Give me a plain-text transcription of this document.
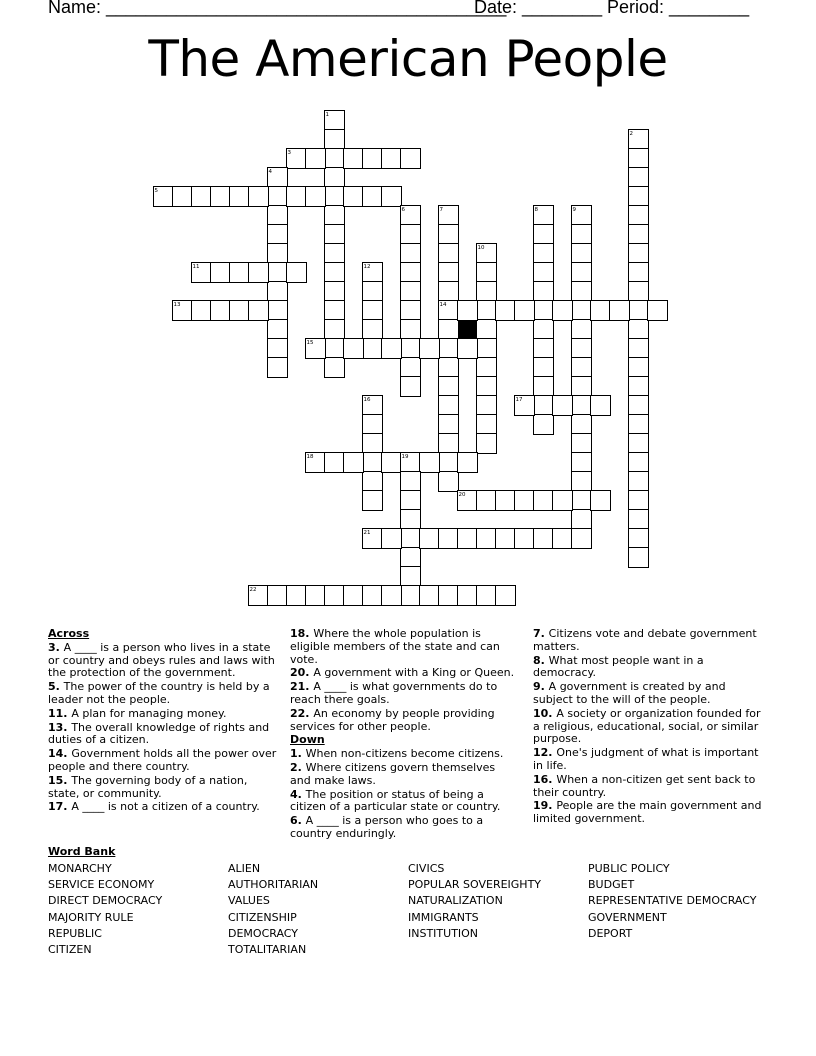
Name: ________________________________________
Date: ________ Period: ________
The American People
1
2
3
4
5
6	7	8	9
10
11	12
13	14
15
16	17
18	19
20
21
22
Across
3. A ____ is a person who lives in a state or country and obeys rules and laws with the protection of the government.
5. The power of the country is held by a leader not the people.
11. A plan for managing money.
13. The overall knowledge of rights and duties of a citizen.
14. Government holds all the power over people and there country.
15. The governing body of a nation, state, or community.
17. A ____ is not a citizen of a country.
18. Where the whole population is eligible members of the state and can vote.
20. A government with a King or Queen.
21. A ____ is what governments do to reach there goals.
22. An economy by people providing services for other people.
Down
1. When non-citizens become citizens.
2. Where citizens govern themselves and make laws.
4. The position or status of being a citizen of a particular state or country.
6. A ____ is a person who goes to a country enduringly.
7. Citizens vote and debate government matters.
8. What most people want in a democracy.
9. A government is created by and subject to the will of the people.
10. A society or organization founded for a religious, educational, social, or similar purpose.
12. One's judgment of what is important in life.
16. When a non-citizen get sent back to their country.
19. People are the main government and limited government.
Word Bank
MONARCHY
SERVICE ECONOMY
DIRECT DEMOCRACY
MAJORITY RULE
REPUBLIC
CITIZEN
ALIEN
AUTHORITARIAN
VALUES
CITIZENSHIP
DEMOCRACY
TOTALITARIAN
CIVICS
POPULAR SOVEREIGHTY
NATURALIZATION
IMMIGRANTS
INSTITUTION
PUBLIC POLICY
BUDGET
REPRESENTATIVE DEMOCRACY
GOVERNMENT
DEPORT
